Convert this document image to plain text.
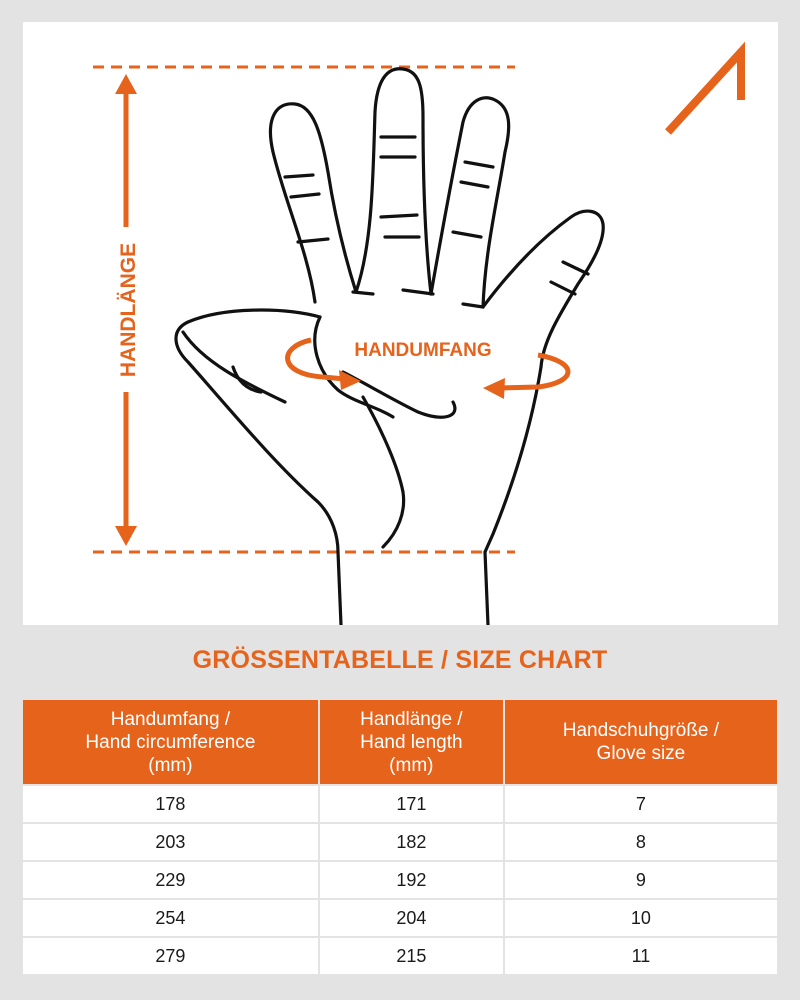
HANDLÄNGE	HANDUMFANG
GRÖSSENTABELLE / SIZE CHART
Handumfang /
Hand circumference
(mm)	Handlänge /
Hand length
(mm)	Handschuhgröße /
Glove size
178	171	7
203	182	8
229	192	9
254	204	10
279	215	11
